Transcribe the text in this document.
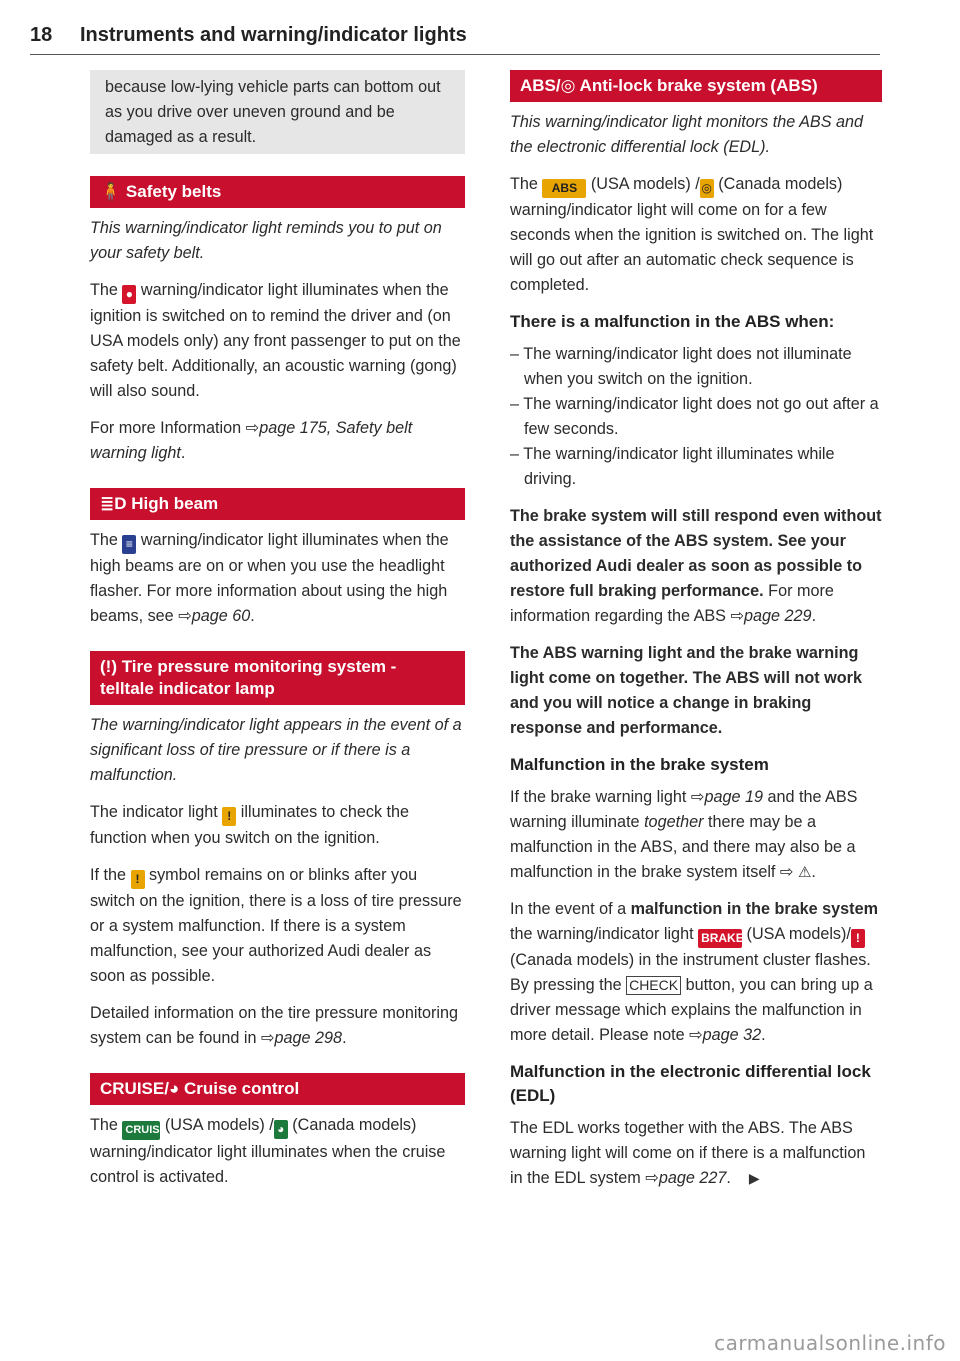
18 Instruments and warning/indicator lights

because low-lying vehicle parts can bottom out as you drive over uneven ground and be damaged as a result.

🧍 Safety belts

This warning/indicator light reminds you to put on your safety belt.

The ● warning/indicator light illuminates when the ignition is switched on to remind the driver and (on USA models only) any front passenger to put on the safety belt. Additionally, an acoustic warning (gong) will also sound.

For more Information ⇨page 175, Safety belt warning light.

≣D High beam

The ≡ warning/indicator light illuminates when the high beams are on or when you use the headlight flasher. For more information about using the high beams, see ⇨page 60.

(!) Tire pressure monitoring system -
telltale indicator lamp

The warning/indicator light appears in the event of a significant loss of tire pressure or if there is a malfunction.

The indicator light ! illuminates to check the function when you switch on the ignition.

If the ! symbol remains on or blinks after you switch on the ignition, there is a loss of tire pressure or a system malfunction. If there is a system malfunction, see your authorized Audi dealer as soon as possible.

Detailed information on the tire pressure monitoring system can be found in ⇨page 298.

CRUISE/◕ Cruise control

The CRUISE (USA models) / ◕ (Canada models) warning/indicator light illuminates when the cruise control is activated.

ABS/◎ Anti-lock brake system (ABS)

This warning/indicator light monitors the ABS and the electronic differential lock (EDL).

The ABS (USA models) / ◎ (Canada models) warning/indicator light will come on for a few seconds when the ignition is switched on. The light will go out after an automatic check sequence is completed.

There is a malfunction in the ABS when:

– The warning/indicator light does not illuminate when you switch on the ignition.

– The warning/indicator light does not go out after a few seconds.

– The warning/indicator light illuminates while driving.

The brake system will still respond even without the assistance of the ABS system. See your authorized Audi dealer as soon as possible to restore full braking performance. For more information regarding the ABS ⇨page 229.

The ABS warning light and the brake warning light come on together. The ABS will not work and you will notice a change in braking response and performance.

Malfunction in the brake system

If the brake warning light ⇨page 19 and the ABS warning illuminate together there may be a malfunction in the ABS, and there may also be a malfunction in the brake system itself ⇨ ⚠.

In the event of a malfunction in the brake system the warning/indicator light BRAKE (USA models)/ ! (Canada models) in the instrument cluster flashes. By pressing the CHECK button, you can bring up a driver message which explains the malfunction in more detail. Please note ⇨page 32.

Malfunction in the electronic differential lock (EDL)

The EDL works together with the ABS. The ABS warning light will come on if there is a malfunction in the EDL system ⇨page 227. ▶

carmanualsonline.info
